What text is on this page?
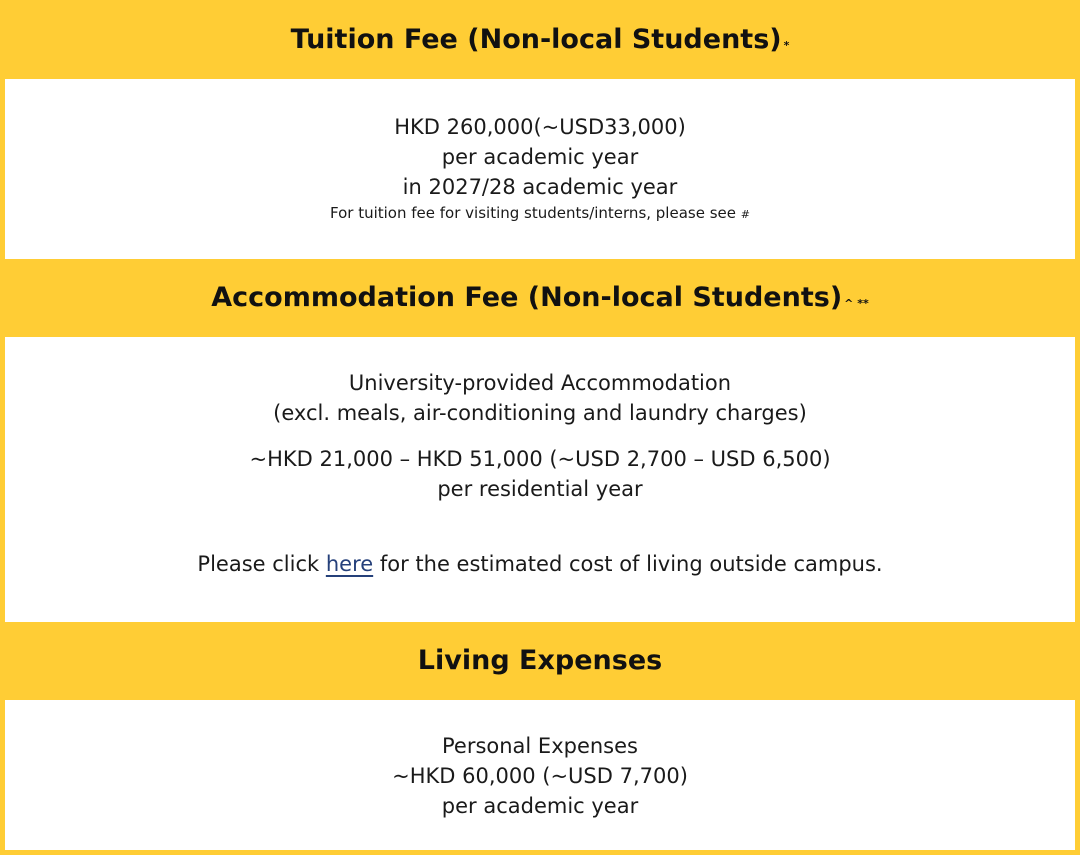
Tuition Fee (Non-local Students) *
HKD 260,000(~USD33,000)
per academic year
in 2027/28 academic year
For tuition fee for visiting students/interns, please see #
Accommodation Fee (Non-local Students) ^ **
University-provided Accommodation
(excl. meals, air-conditioning and laundry charges)
~HKD 21,000 – HKD 51,000 (~USD 2,700 – USD 6,500)
per residential year
Please click here for the estimated cost of living outside campus.
Living Expenses
Personal Expenses
~HKD 60,000 (~USD 7,700)
per academic year
